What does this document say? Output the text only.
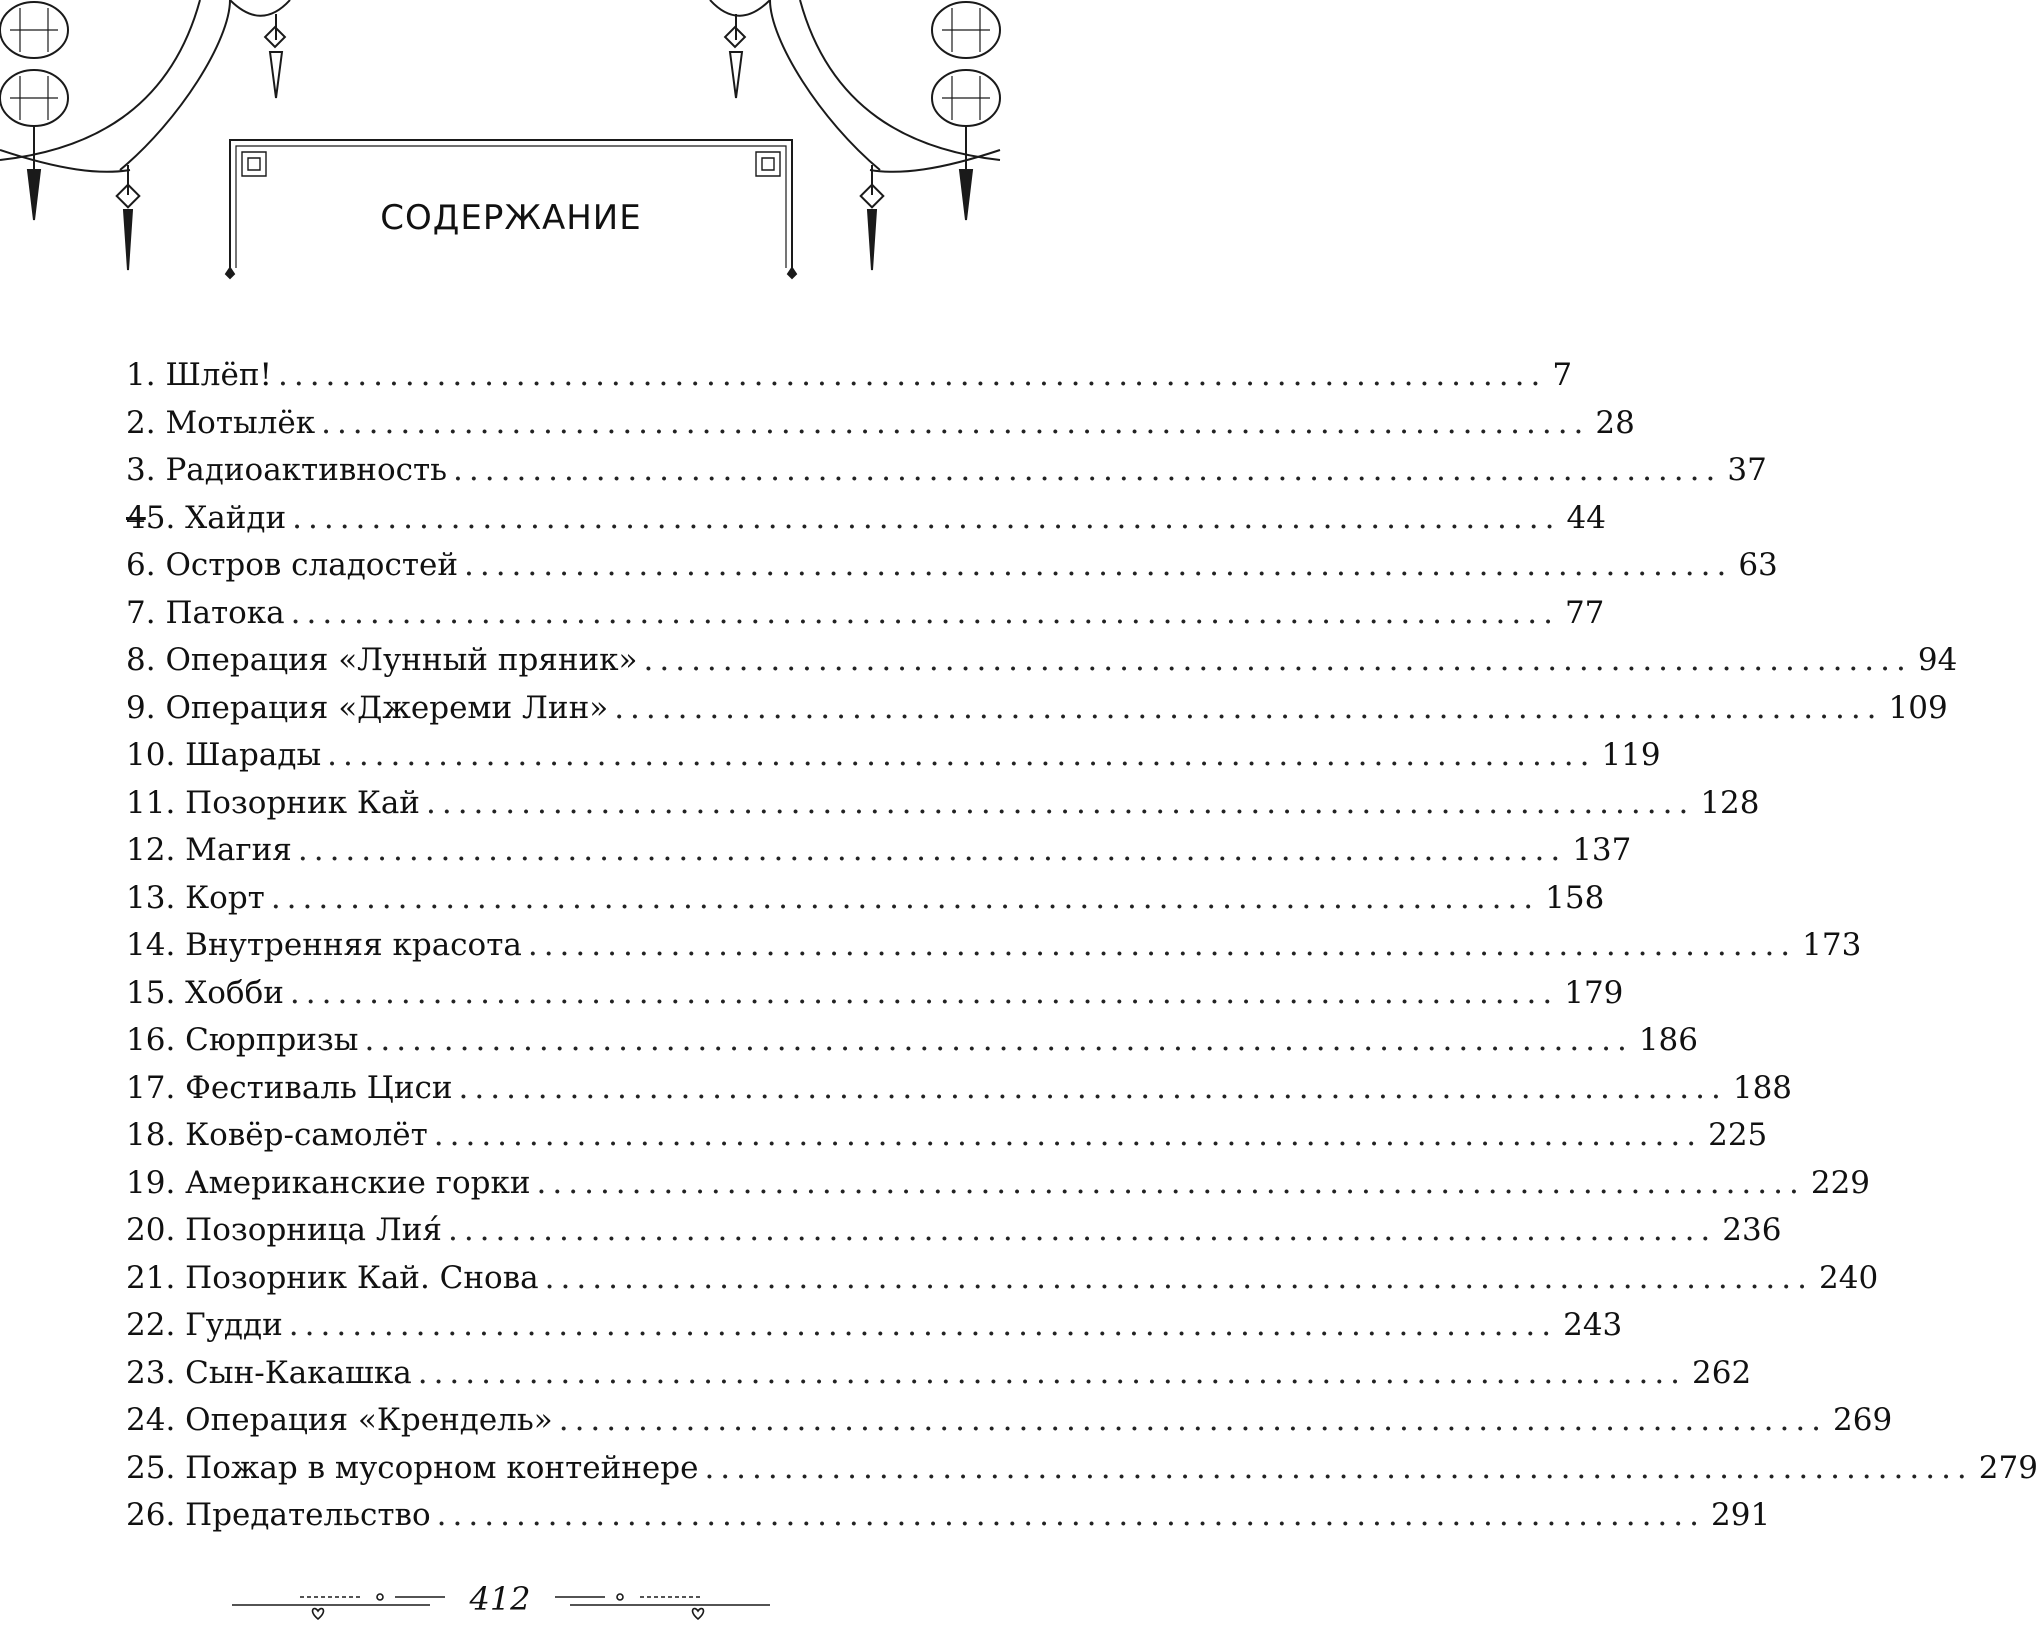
СОДЕРЖАНИЕ
1. Шлёп! ................................................................................ 7
2. Мотылёк ................................................................................ 28
3. Радиоактивность ................................................................................ 37
45. Хайди ................................................................................ 44
6. Остров сладостей ................................................................................ 63
7. Патока ................................................................................ 77
8. Операция «Лунный пряник» ................................................................................ 94
9. Операция «Джереми Лин» ................................................................................ 109
10. Шарады ................................................................................ 119
11. Позорник Кай ................................................................................ 128
12. Магия ................................................................................ 137
13. Корт ................................................................................ 158
14. Внутренняя красота ................................................................................ 173
15. Хобби ................................................................................ 179
16. Сюрпризы ................................................................................ 186
17. Фестиваль Циси ................................................................................ 188
18. Ковёр-самолёт ................................................................................ 225
19. Американские горки ................................................................................ 229
20. Позорница Лия́ ................................................................................ 236
21. Позорник Кай. Снова ................................................................................ 240
22. Гудди ................................................................................ 243
23. Сын-Какашка ................................................................................ 262
24. Операция «Крендель» ................................................................................ 269
25. Пожар в мусорном контейнере ................................................................................ 279
26. Предательство ................................................................................ 291
412
